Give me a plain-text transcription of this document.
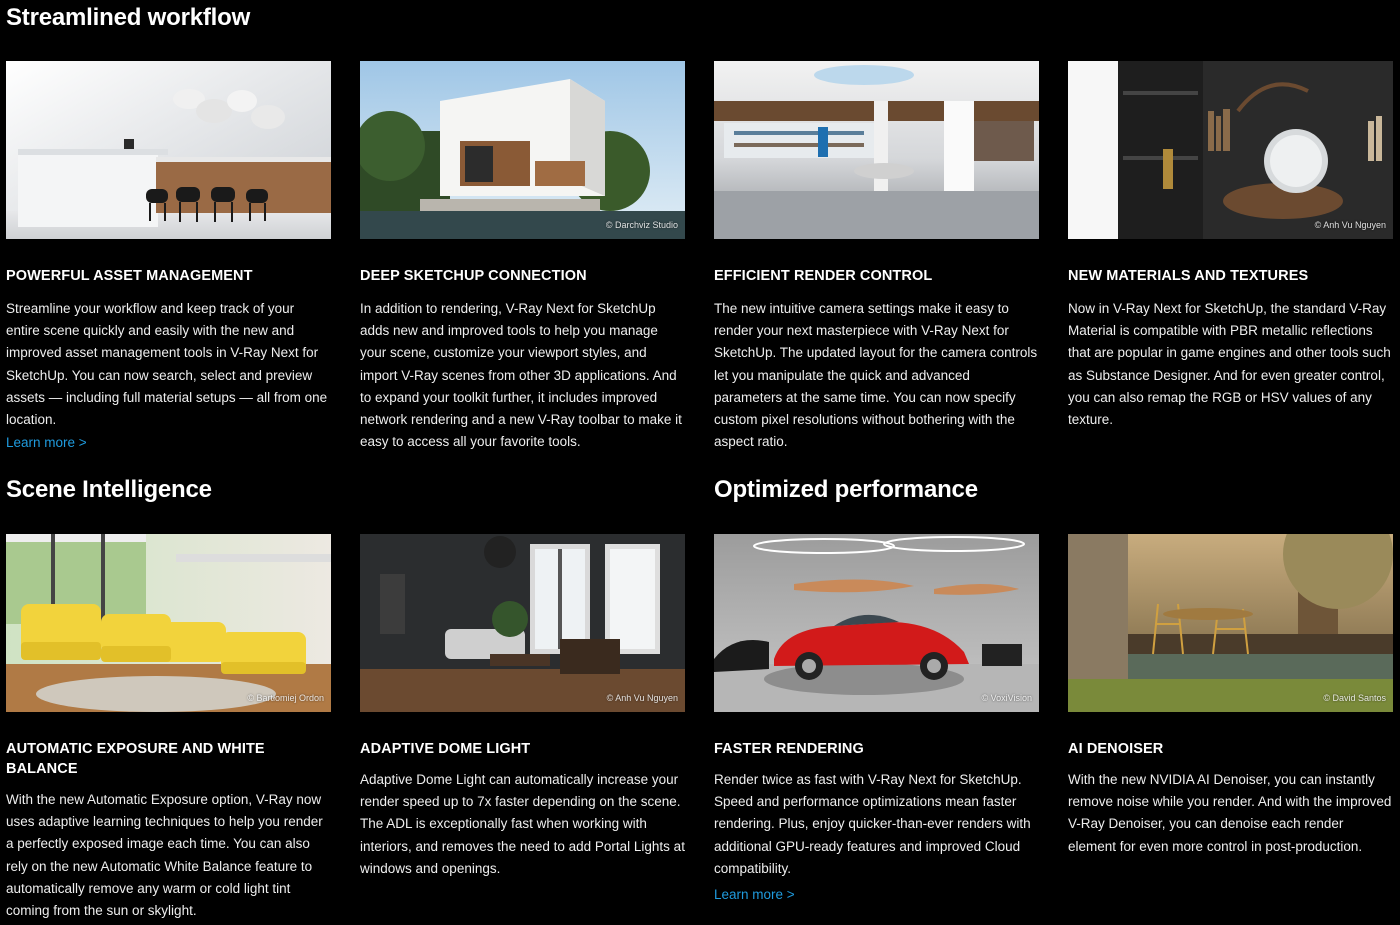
Streamlined workflow
Scene Intelligence	Optimized performance
POWERFUL ASSET MANAGEMENT

Streamline your workflow and keep track of your entire scene quickly and easily with the new and improved asset management tools in V-Ray Next for SketchUp. You can now search, select and preview assets — including full material setups — all from one location.

Learn more >
© Darchviz Studio
DEEP SKETCHUP CONNECTION

In addition to rendering, V-Ray Next for SketchUp adds new and improved tools to help you manage your scene, customize your viewport styles, and import V-Ray scenes from other 3D applications. And to expand your toolkit further, it includes improved network rendering and a new V-Ray toolbar to make it easy to access all your favorite tools.

EFFICIENT RENDER CONTROL

The new intuitive camera settings make it easy to render your next masterpiece with V-Ray Next for SketchUp. The updated layout for the camera controls let you manipulate the quick and advanced parameters at the same time. You can now specify custom pixel resolutions without bothering with the aspect ratio.

© Anh Vu Nguyen
NEW MATERIALS AND TEXTURES

Now in V-Ray Next for SketchUp, the standard V-Ray Material is compatible with PBR metallic reflections that are popular in game engines and other tools such as Substance Designer. And for even greater control, you can also remap the RGB or HSV values of any texture.

© Bartłomiej Ordon
AUTOMATIC EXPOSURE AND WHITE BALANCE

With the new Automatic Exposure option, V-Ray now uses adaptive learning techniques to help you render a perfectly exposed image each time. You can also rely on the new Automatic White Balance feature to automatically remove any warm or cold light tint coming from the sun or skylight.

© Anh Vu Nguyen
ADAPTIVE DOME LIGHT

Adaptive Dome Light can automatically increase your render speed up to 7x faster depending on the scene. The ADL is exceptionally fast when working with interiors, and removes the need to add Portal Lights at windows and openings.

© VoxiVision
FASTER RENDERING

Render twice as fast with V-Ray Next for SketchUp. Speed and performance optimizations mean faster rendering. Plus, enjoy quicker-than-ever renders with additional GPU-ready features and improved Cloud compatibility.

Learn more >
© David Santos
AI DENOISER

With the new NVIDIA AI Denoiser, you can instantly remove noise while you render. And with the improved V-Ray Denoiser, you can denoise each render element for even more control in post-production.
